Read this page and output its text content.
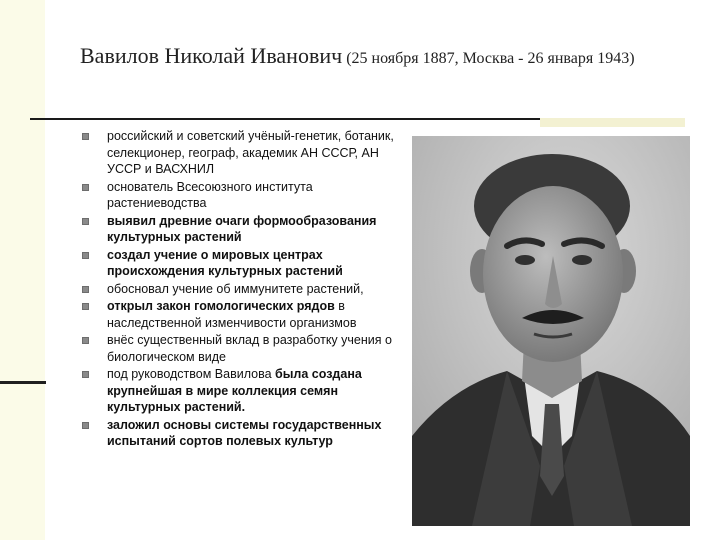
Вавилов Николай Иванович (25 ноября 1887, Москва - 26 января 1943)
российский и советский учёный-генетик, ботаник, селекционер, географ, академик АН СССР, АН УССР и ВАСХНИЛ
основатель Всесоюзного института растениеводства
выявил древние очаги формообразования культурных растений
создал учение о мировых центрах происхождения культурных растений
обосновал учение об иммунитете растений,
открыл закон гомологических рядов в наследственной изменчивости организмов
внёс существенный вклад в разработку учения о биологическом виде
под руководством Вавилова была создана крупнейшая в мире коллекция семян культурных растений.
заложил основы системы государственных испытаний сортов полевых культур
